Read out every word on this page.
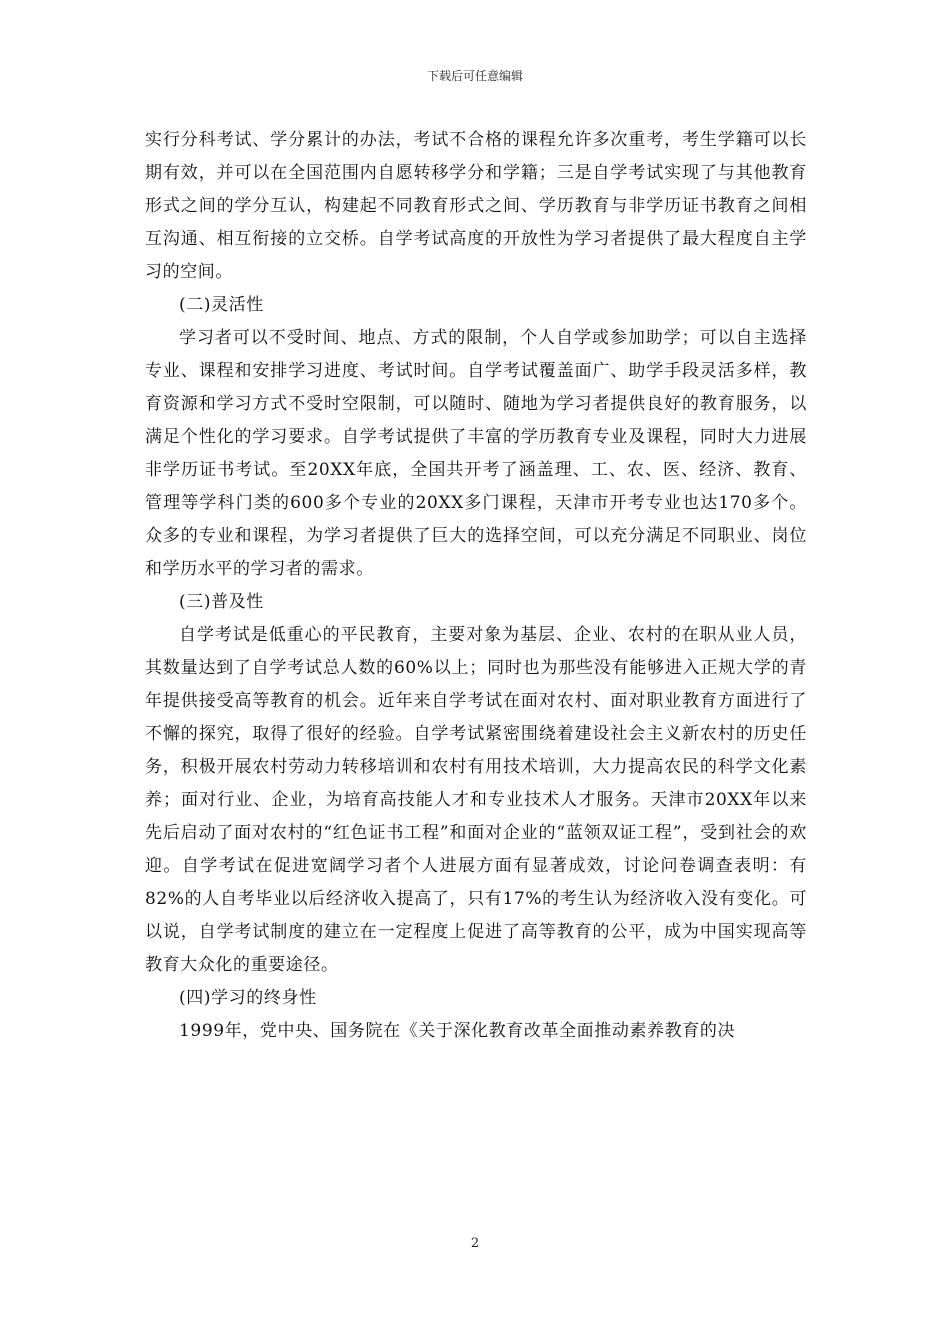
下载后可任意编辑

实行分科考试、学分累计的办法，考试不合格的课程允许多次重考，考生学籍可以长期有效，并可以在全国范围内自愿转移学分和学籍；三是自学考试实现了与其他教育形式之间的学分互认，构建起不同教育形式之间、学历教育与非学历证书教育之间相互沟通、相互衔接的立交桥。自学考试高度的开放性为学习者提供了最大程度自主学习的空间。

(二)灵活性

学习者可以不受时间、地点、方式的限制，个人自学或参加助学；可以自主选择专业、课程和安排学习进度、考试时间。自学考试覆盖面广、助学手段灵活多样，教育资源和学习方式不受时空限制，可以随时、随地为学习者提供良好的教育服务，以满足个性化的学习要求。自学考试提供了丰富的学历教育专业及课程，同时大力进展非学历证书考试。至20XX年底，全国共开考了涵盖理、工、农、医、经济、教育、管理等学科门类的600多个专业的20XX多门课程，天津市开考专业也达170多个。众多的专业和课程，为学习者提供了巨大的选择空间，可以充分满足不同职业、岗位和学历水平的学习者的需求。

(三)普及性

自学考试是低重心的平民教育，主要对象为基层、企业、农村的在职从业人员，其数量达到了自学考试总人数的60%以上；同时也为那些没有能够进入正规大学的青年提供接受高等教育的机会。近年来自学考试在面对农村、面对职业教育方面进行了不懈的探究，取得了很好的经验。自学考试紧密围绕着建设社会主义新农村的历史任务，积极开展农村劳动力转移培训和农村有用技术培训，大力提高农民的科学文化素养；面对行业、企业，为培育高技能人才和专业技术人才服务。天津市20XX年以来先后启动了面对农村的“红色证书工程”和面对企业的“蓝领双证工程”，受到社会的欢迎。自学考试在促进宽阔学习者个人进展方面有显著成效，讨论问卷调查表明：有82%的人自考毕业以后经济收入提高了，只有17%的考生认为经济收入没有变化。可以说，自学考试制度的建立在一定程度上促进了高等教育的公平，成为中国实现高等教育大众化的重要途径。

(四)学习的终身性

1999年，党中央、国务院在《关于深化教育改革全面推动素养教育的决

2
